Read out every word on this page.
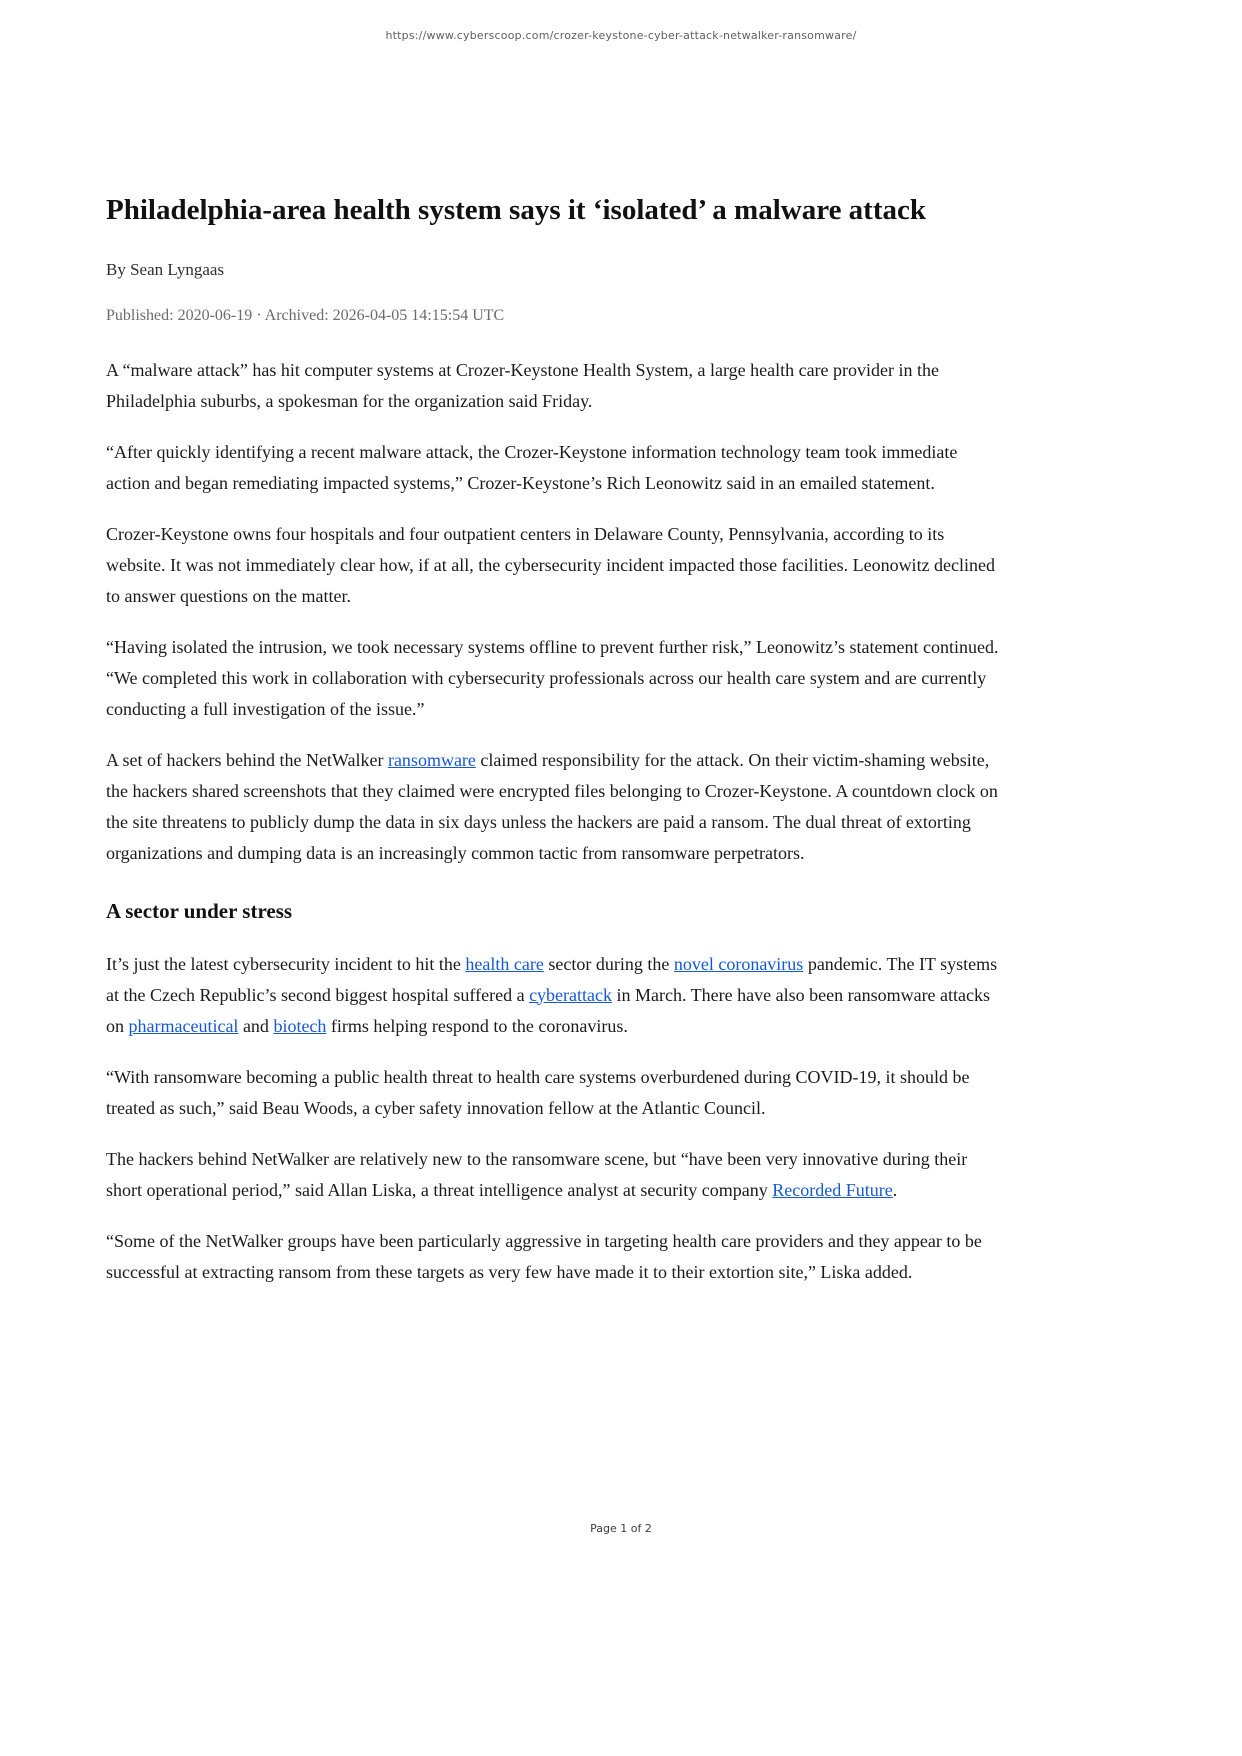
https://www.cyberscoop.com/crozer-keystone-cyber-attack-netwalker-ransomware/
Philadelphia-area health system says it ‘isolated’ a malware attack
By Sean Lyngaas
Published: 2020-06-19 · Archived: 2026-04-05 14:15:54 UTC

A “malware attack” has hit computer systems at Crozer-Keystone Health System, a large health care provider in the Philadelphia suburbs, a spokesman for the organization said Friday.

“After quickly identifying a recent malware attack, the Crozer-Keystone information technology team took immediate action and began remediating impacted systems,” Crozer-Keystone’s Rich Leonowitz said in an emailed statement.

Crozer-Keystone owns four hospitals and four outpatient centers in Delaware County, Pennsylvania, according to its website. It was not immediately clear how, if at all, the cybersecurity incident impacted those facilities. Leonowitz declined to answer questions on the matter.

“Having isolated the intrusion, we took necessary systems offline to prevent further risk,” Leonowitz’s statement continued. “We completed this work in collaboration with cybersecurity professionals across our health care system and are currently conducting a full investigation of the issue.”

A set of hackers behind the NetWalker ransomware claimed responsibility for the attack. On their victim-shaming website, the hackers shared screenshots that they claimed were encrypted files belonging to Crozer-Keystone. A countdown clock on the site threatens to publicly dump the data in six days unless the hackers are paid a ransom. The dual threat of extorting organizations and dumping data is an increasingly common tactic from ransomware perpetrators.

A sector under stress

It’s just the latest cybersecurity incident to hit the health care sector during the novel coronavirus pandemic. The IT systems at the Czech Republic’s second biggest hospital suffered a cyberattack in March. There have also been ransomware attacks on pharmaceutical and biotech firms helping respond to the coronavirus.

“With ransomware becoming a public health threat to health care systems overburdened during COVID-19, it should be treated as such,” said Beau Woods, a cyber safety innovation fellow at the Atlantic Council.

The hackers behind NetWalker are relatively new to the ransomware scene, but “have been very innovative during their short operational period,” said Allan Liska, a threat intelligence analyst at security company Recorded Future.

“Some of the NetWalker groups have been particularly aggressive in targeting health care providers and they appear to be successful at extracting ransom from these targets as very few have made it to their extortion site,” Liska added.

Page 1 of 2
